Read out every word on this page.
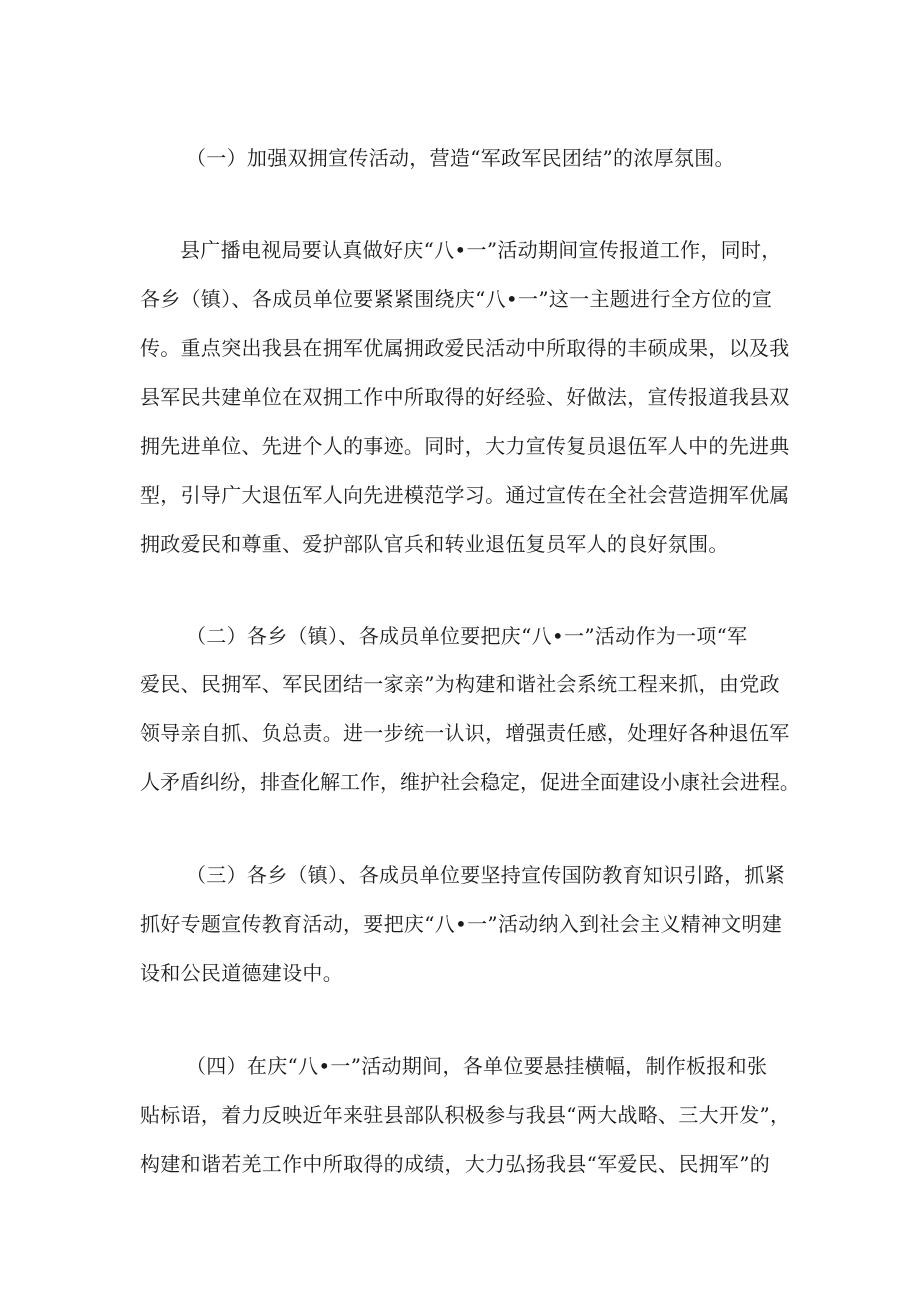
（一）加强双拥宣传活动，营造“军政军民团结”的浓厚氛围。
县广播电视局要认真做好庆“八•一”活动期间宣传报道工作，同时，
各乡（镇）、各成员单位要紧紧围绕庆“八•一”这一主题进行全方位的宣
传。重点突出我县在拥军优属拥政爱民活动中所取得的丰硕成果，以及我
县军民共建单位在双拥工作中所取得的好经验、好做法，宣传报道我县双
拥先进单位、先进个人的事迹。同时，大力宣传复员退伍军人中的先进典
型，引导广大退伍军人向先进模范学习。通过宣传在全社会营造拥军优属
拥政爱民和尊重、爱护部队官兵和转业退伍复员军人的良好氛围。
（二）各乡（镇）、各成员单位要把庆“八•一”活动作为一项“军
爱民、民拥军、军民团结一家亲”为构建和谐社会系统工程来抓，由党政
领导亲自抓、负总责。进一步统一认识，增强责任感，处理好各种退伍军
人矛盾纠纷，排查化解工作，维护社会稳定，促进全面建设小康社会进程。
（三）各乡（镇）、各成员单位要坚持宣传国防教育知识引路，抓紧
抓好专题宣传教育活动，要把庆“八•一”活动纳入到社会主义精神文明建
设和公民道德建设中。
（四）在庆“八•一”活动期间，各单位要悬挂横幅，制作板报和张
贴标语，着力反映近年来驻县部队积极参与我县“两大战略、三大开发”，
构建和谐若羌工作中所取得的成绩，大力弘扬我县“军爱民、民拥军”的
